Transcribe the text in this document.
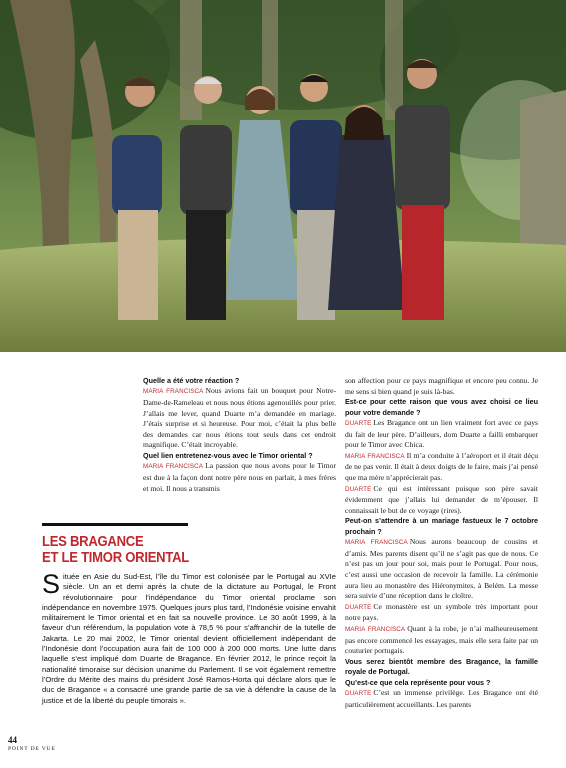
Quelle a été votre réaction ?

MARIA FRANCISCA Nous avions fait un bouquet pour Notre-Dame-de-Rameleau et nous nous étions agenouillés pour prier. J’allais me lever, quand Duarte m’a demandée en mariage. J’étais surprise et si heureuse. Pour moi, c’était la plus belle des demandes car nous étions tout seuls dans cet endroit magnifique. C’était incroyable.

Quel lien entretenez-vous avec le Timor oriental ?

MARIA FRANCISCA La passion que nous avons pour le Timor est due à la façon dont notre père nous en parlait, à mes frères et moi. Il nous a transmis

son affection pour ce pays magnifique et encore peu connu. Je me sens si bien quand je suis là-bas.

Est-ce pour cette raison que vous avez choisi ce lieu pour votre demande ?

DUARTE Les Bragance ont un lien vraiment fort avec ce pays du fait de leur père. D’ailleurs, dom Duarte a failli embarquer pour le Timor avec Chica.

MARIA FRANCISCA Il m’a conduite à l’aéroport et il était déçu de ne pas venir. Il était à deux doigts de le faire, mais j’ai pensé que ma mère n’apprécierait pas.

DUARTE Ce qui est intéressant puisque son père savait évidemment que j’allais lui demander de m’épouser. Il connaissait le but de ce voyage (rires).

Peut-on s’attendre à un mariage fastueux le 7 octobre prochain ?

MARIA FRANCISCA Nous aurons beaucoup de cousins et d’amis. Mes parents disent qu’il ne s’agit pas que de nous. Ce n’est pas un jour pour soi, mais pour le Portugal. Pour nous, c’est aussi une occasion de recevoir la famille. La cérémonie aura lieu au monastère des Hiéronymites, à Belém. La messe sera suivie d’une réception dans le cloître.

DUARTE Ce monastère est un symbole très important pour notre pays.

MARIA FRANCISCA Quant à la robe, je n’ai malheureusement pas encore commencé les essayages, mais elle sera faite par un couturier portugais.

Vous serez bientôt membre des Bragance, la famille royale de Portugal.

Qu’est-ce que cela représente pour vous ?

DUARTE C’est un immense privilège. Les Bragance ont été particulièrement accueillants. Les parents

LES BRAGANCE
ET LE TIMOR ORIENTAL
Située en Asie du Sud-Est, l’île du Timor est colonisée par le Portugal au XVIe siècle. Un an et demi après la chute de la dictature au Portugal, le Front révolutionnaire pour l’indépendance du Timor oriental proclame son indépendance en novembre 1975. Quelques jours plus tard, l’Indonésie voisine envahit militairement le Timor oriental et en fait sa nouvelle province. Le 30 août 1999, à la faveur d’un référendum, la population vote à 78,5 % pour s’affranchir de la tutelle de Jakarta. Le 20 mai 2002, le Timor oriental devient officiellement indépendant de l’Indonésie dont l’occupation aura fait de 100 000 à 200 000 morts. Une lutte dans laquelle s’est impliqué dom Duarte de Bragance. En février 2012, le prince reçoit la nationalité timoraise sur décision unanime du Parlement. Il se voit également remettre l’Ordre du Mérite des mains du président José Ramos-Horta qui déclare alors que le duc de Bragance « a consacré une grande partie de sa vie à défendre la cause de la justice et de la liberté du peuple timorais ».
44
POINT DE VUE
